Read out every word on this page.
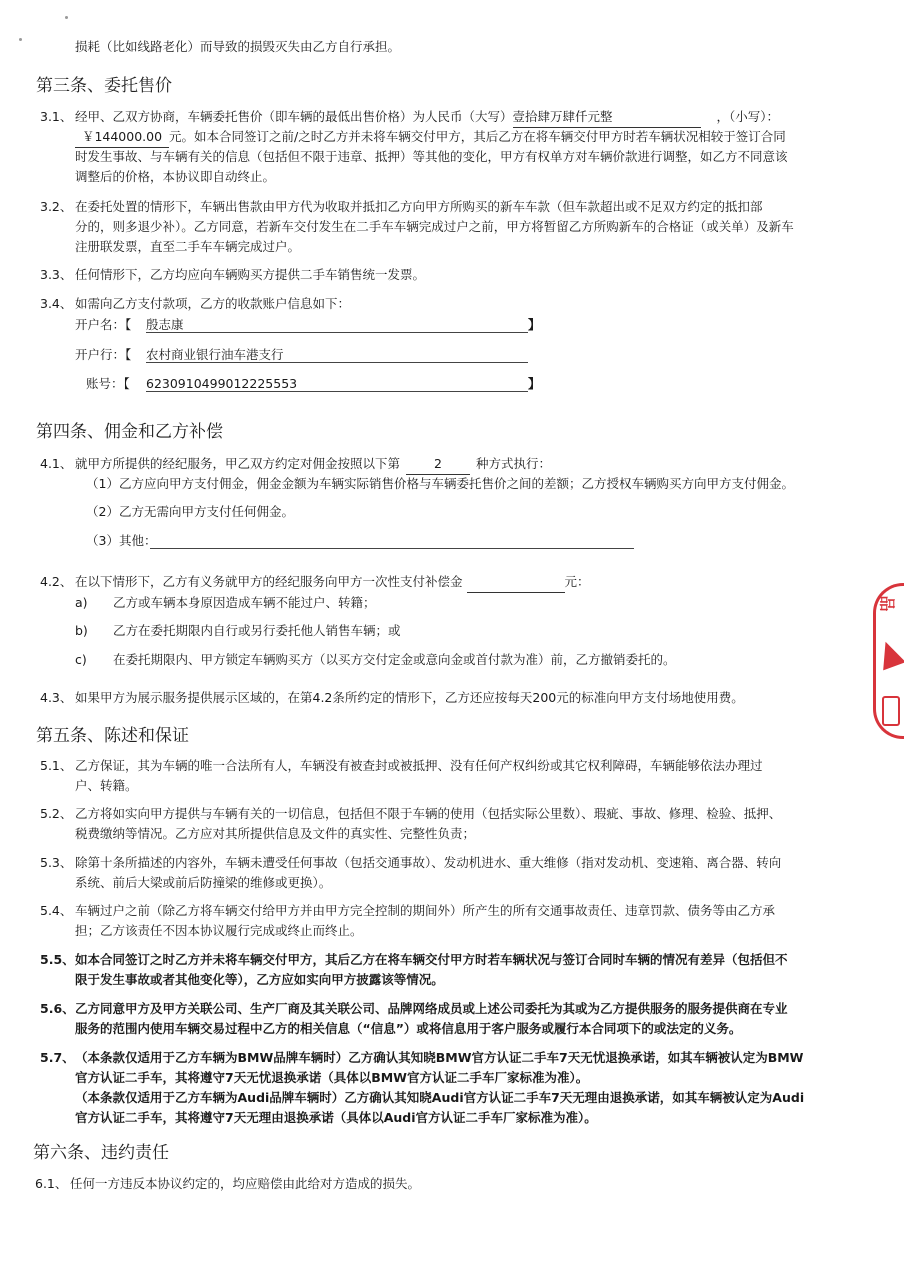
损耗（比如线路老化）而导致的损毁灭失由乙方自行承担。
第三条、委托售价
3.1、 经甲、乙双方协商，车辆委托售价（即车辆的最低出售价格）为人民币（大写）壹拾肆万肆仟元整	，（小写）：
￥144000.00 元。如本合同签订之前/之时乙方并未将车辆交付甲方，其后乙方在将车辆交付甲方时若车辆状况相较于签订合同
时发生事故、与车辆有关的信息（包括但不限于违章、抵押）等其他的变化，甲方有权单方对车辆价款进行调整，如乙方不同意该
调整后的价格，本协议即自动终止。
3.2、 在委托处置的情形下，车辆出售款由甲方代为收取并抵扣乙方向甲方所购买的新车车款（但车款超出或不足双方约定的抵扣部
分的，则多退少补）。乙方同意，若新车交付发生在二手车车辆完成过户之前，甲方将暂留乙方所购新车的合格证（或关单）及新车
注册联发票，直至二手车车辆完成过户。
3.3、 任何情形下，乙方均应向车辆购买方提供二手车销售统一发票。
3.4、 如需向乙方支付款项，乙方的收款账户信息如下：
开户名：【 殷志康	】
开户行：【 农村商业银行油车港支行
账号：【 6230910499012225553	】
第四条、佣金和乙方补偿
4.1、 就甲方所提供的经纪服务，甲乙双方约定对佣金按照以下第	2	种方式执行：
（1）乙方应向甲方支付佣金，佣金金额为车辆实际销售价格与车辆委托售价之间的差额；乙方授权车辆购买方向甲方支付佣金。
（2）乙方无需向甲方支付任何佣金。
（3）其他：
4.2、 在以下情形下，乙方有义务就甲方的经纪服务向甲方一次性支付补偿金	元：
a) 乙方或车辆本身原因造成车辆不能过户、转籍；
b) 乙方在委托期限内自行或另行委托他人销售车辆；或
c) 在委托期限内、甲方锁定车辆购买方（以买方交付定金或意向金或首付款为准）前，乙方撤销委托的。
4.3、 如果甲方为展示服务提供展示区域的，在第4.2条所约定的情形下，乙方还应按每天200元的标准向甲方支付场地使用费。
第五条、陈述和保证
5.1、 乙方保证，其为车辆的唯一合法所有人，车辆没有被查封或被抵押、没有任何产权纠纷或其它权利障碍，车辆能够依法办理过
户、转籍。
5.2、 乙方将如实向甲方提供与车辆有关的一切信息，包括但不限于车辆的使用（包括实际公里数）、瑕疵、事故、修理、检验、抵押、
税费缴纳等情况。乙方应对其所提供信息及文件的真实性、完整性负责；
5.3、 除第十条所描述的内容外，车辆未遭受任何事故（包括交通事故）、发动机进水、重大维修（指对发动机、变速箱、离合器、转向
系统、前后大梁或前后防撞梁的维修或更换）。
5.4、 车辆过户之前（除乙方将车辆交付给甲方并由甲方完全控制的期间外）所产生的所有交通事故责任、违章罚款、债务等由乙方承
担；乙方该责任不因本协议履行完成或终止而终止。
5.5、 如本合同签订之时乙方并未将车辆交付甲方，其后乙方在将车辆交付甲方时若车辆状况与签订合同时车辆的情况有差异（包括但不
限于发生事故或者其他变化等），乙方应如实向甲方披露该等情况。
5.6、 乙方同意甲方及甲方关联公司、生产厂商及其关联公司、品牌网络成员或上述公司委托为其或为乙方提供服务的服务提供商在专业
服务的范围内使用车辆交易过程中乙方的相关信息（“信息”）或将信息用于客户服务或履行本合同项下的或法定的义务。
5.7、 （本条款仅适用于乙方车辆为BMW品牌车辆时）乙方确认其知晓BMW官方认证二手车7天无忧退换承诺，如其车辆被认定为BMW
官方认证二手车，其将遵守7天无忧退换承诺（具体以BMW官方认证二手车厂家标准为准）。
（本条款仅适用于乙方车辆为Audi品牌车辆时）乙方确认其知晓Audi官方认证二手车7天无理由退换承诺，如其车辆被认定为Audi
官方认证二手车，其将遵守7天无理由退换承诺（具体以Audi官方认证二手车厂家标准为准）。
第六条、违约责任
6.1、 任何一方违反本协议约定的，均应赔偿由此给对方造成的损失。
品
